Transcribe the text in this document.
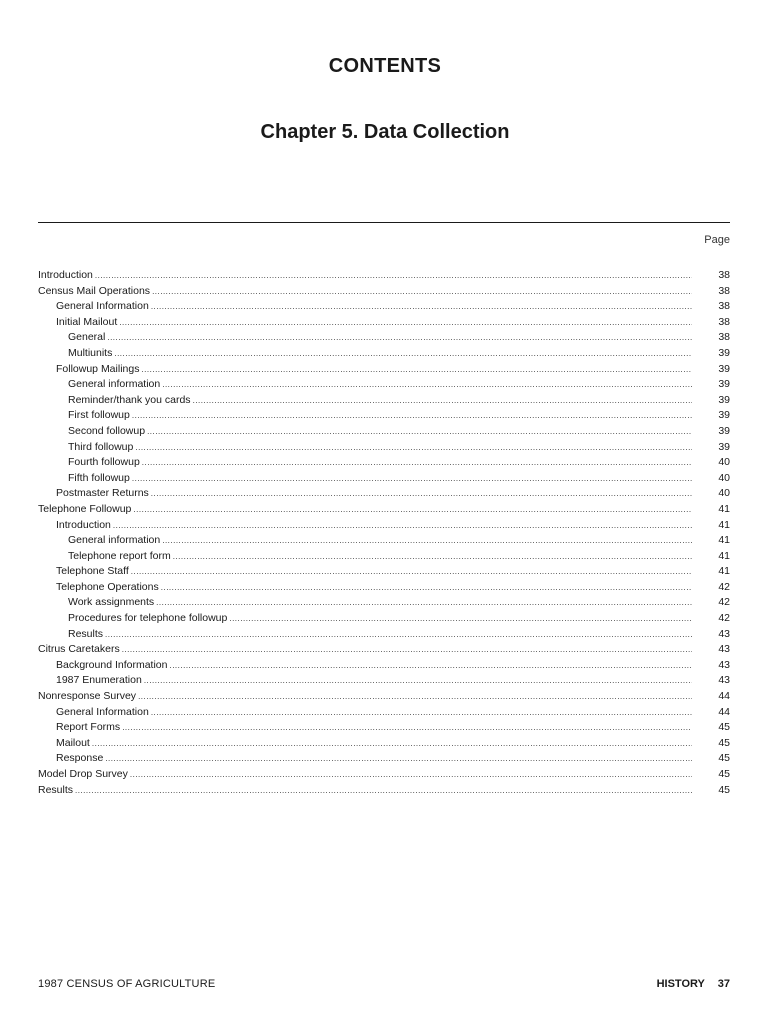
CONTENTS
Chapter 5. Data Collection
Page
Introduction .....	38
Census Mail Operations .....	38
General Information .....	38
Initial Mailout .....	38
General .....	38
Multiunits .....	39
Followup Mailings .....	39
General information .....	39
Reminder/thank you cards .....	39
First followup .....	39
Second followup .....	39
Third followup .....	39
Fourth followup .....	40
Fifth followup .....	40
Postmaster Returns .....	40
Telephone Followup .....	41
Introduction .....	41
General information .....	41
Telephone report form .....	41
Telephone Staff .....	41
Telephone Operations .....	42
Work assignments .....	42
Procedures for telephone followup .....	42
Results .....	43
Citrus Caretakers .....	43
Background Information .....	43
1987 Enumeration .....	43
Nonresponse Survey .....	44
General Information .....	44
Report Forms .....	45
Mailout .....	45
Response .....	45
Model Drop Survey .....	45
Results .....	45
1987 CENSUS OF AGRICULTURE	HISTORY 37
